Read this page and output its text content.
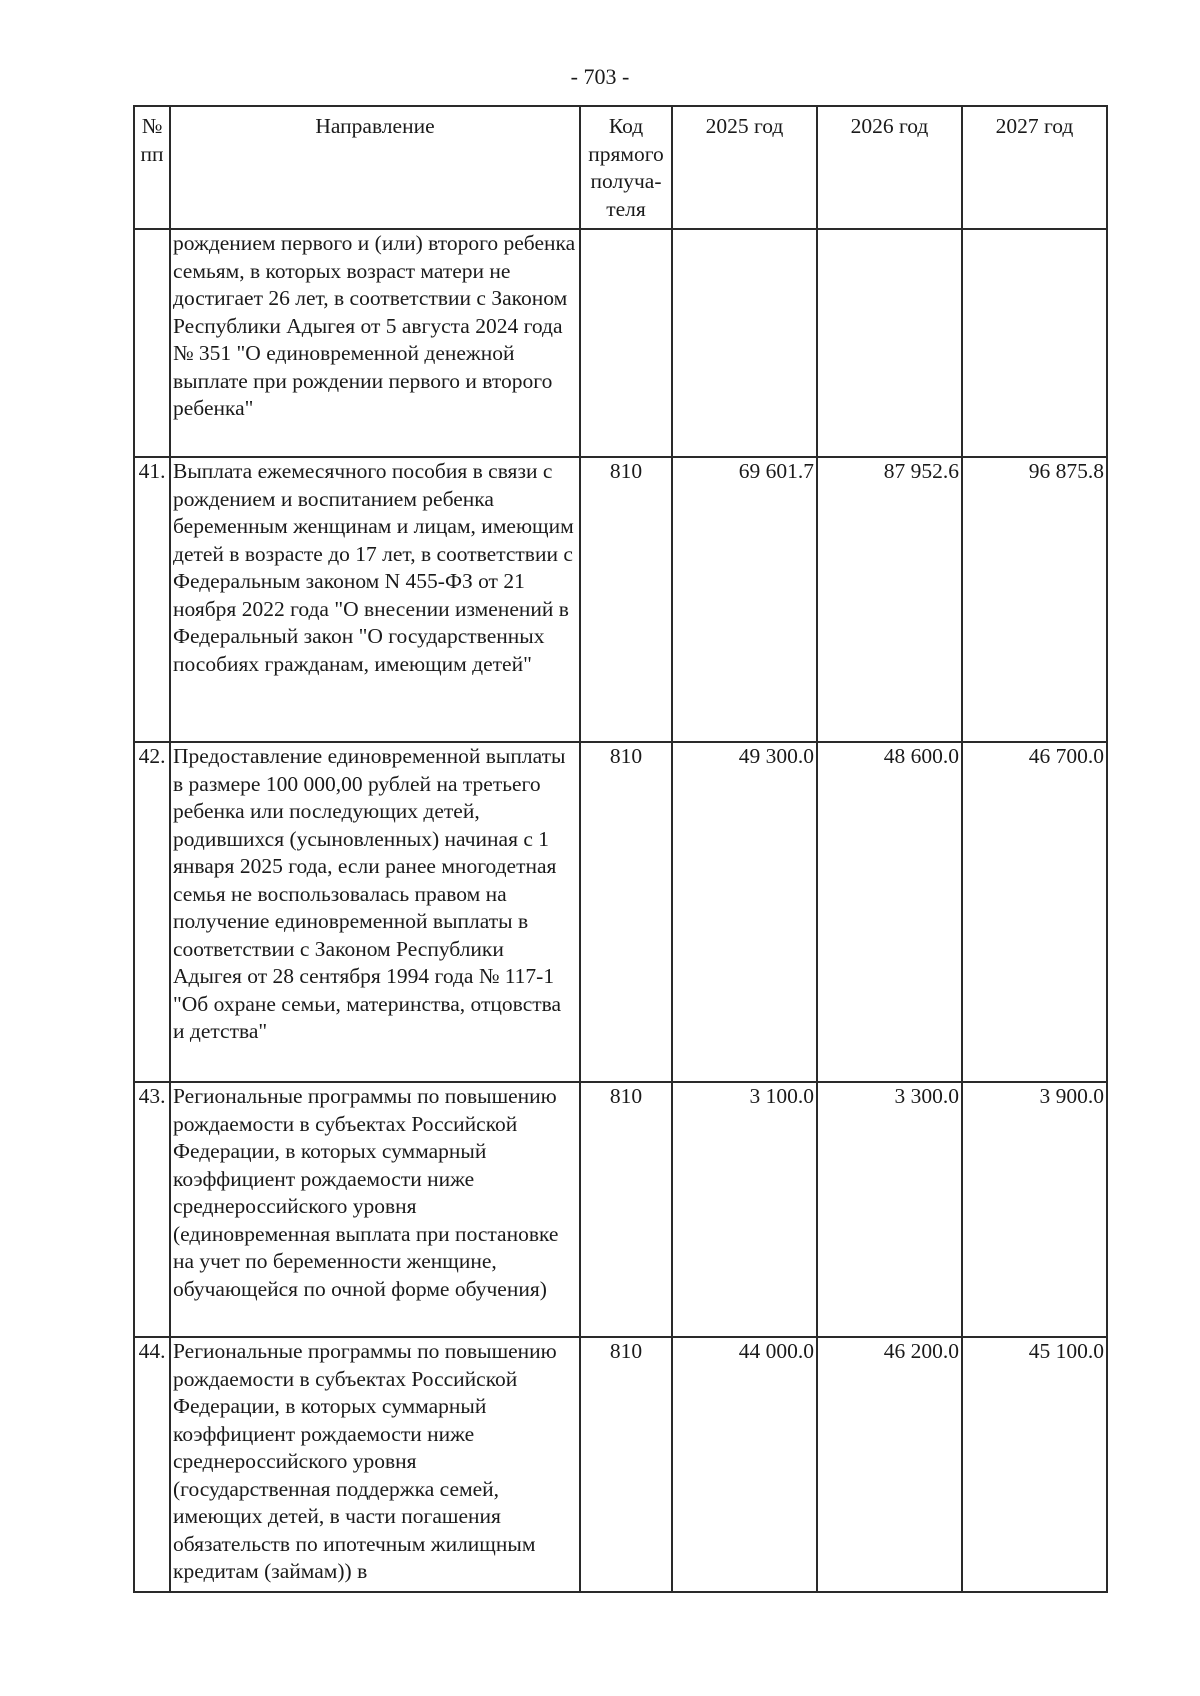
- 703 -
№ пп	Направление	Код прямого получа-теля	2025 год	2026 год	2027 год
	рождением первого и (или) второго ребенка семьям, в которых возраст матери не достигает 26 лет, в соответствии с Законом Республики Адыгея от 5 августа 2024 года № 351 "О единовременной денежной выплате при рождении первого и второго ребенка"				
41.	Выплата ежемесячного пособия в связи с рождением и воспитанием ребенка беременным женщинам и лицам, имеющим детей в возрасте до 17 лет, в соответствии с Федеральным законом N 455-ФЗ от 21 ноября 2022 года "О внесении изменений в Федеральный закон "О государственных пособиях гражданам, имеющим детей"	810	69 601.7	87 952.6	96 875.8
42.	Предоставление единовременной выплаты в размере 100 000,00 рублей на третьего ребенка или последующих детей, родившихся (усыновленных) начиная с 1 января 2025 года, если ранее многодетная семья не воспользовалась правом на получение единовременной выплаты в соответствии с Законом Республики Адыгея от 28 сентября 1994 года № 117-1 "Об охране семьи, материнства, отцовства и детства"	810	49 300.0	48 600.0	46 700.0
43.	Региональные программы по повышению рождаемости в субъектах Российской Федерации, в которых суммарный коэффициент рождаемости ниже среднероссийского уровня (единовременная выплата при постановке на учет по беременности женщине, обучающейся по очной форме обучения)	810	3 100.0	3 300.0	3 900.0
44.	Региональные программы по повышению рождаемости в субъектах Российской Федерации, в которых суммарный коэффициент рождаемости ниже среднероссийского уровня (государственная поддержка семей, имеющих детей, в части погашения обязательств по ипотечным жилищным кредитам (займам)) в	810	44 000.0	46 200.0	45 100.0
